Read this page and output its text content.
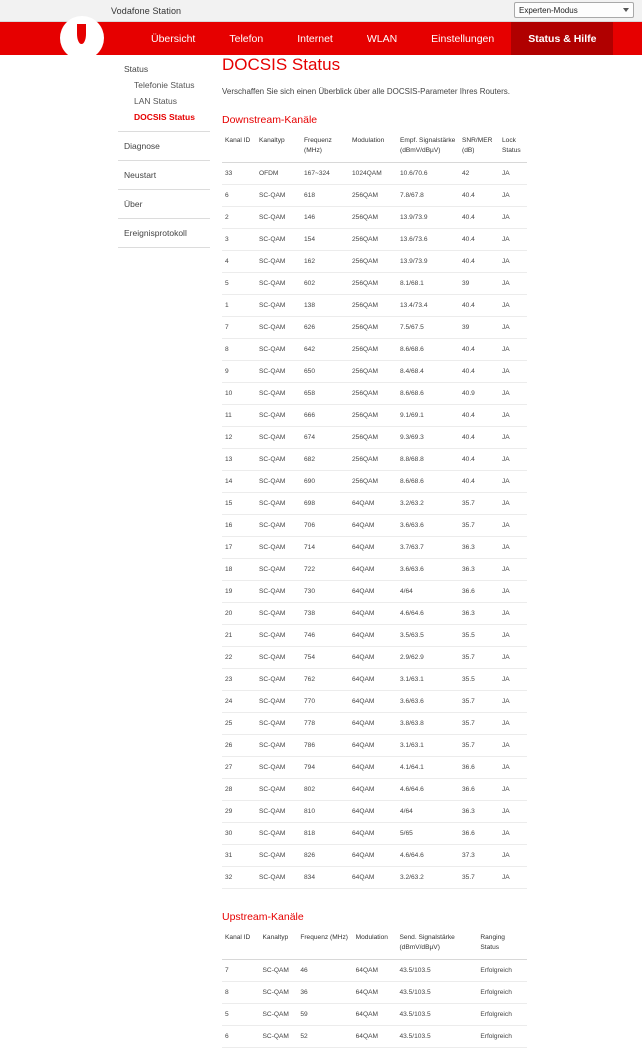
Vodafone Station	Experten-Modus
Übersicht	Telefon	Internet	WLAN	Einstellungen	Status & Hilfe
Status
Telefonie Status
LAN Status
DOCSIS Status
Diagnose
Neustart
Über
Ereignisprotokoll
DOCSIS Status
Verschaffen Sie sich einen Überblick über alle DOCSIS-Parameter Ihres Routers.
Downstream-Kanäle
Kanal ID	Kanaltyp	Frequenz (MHz)	Modulation	Empf. Signalstärke (dBmV/dBµV)	SNR/MER (dB)	Lock Status
33	OFDM	167~324	1024QAM	10.6/70.6	42	JA
6	SC-QAM	618	256QAM	7.8/67.8	40.4	JA
2	SC-QAM	146	256QAM	13.9/73.9	40.4	JA
3	SC-QAM	154	256QAM	13.6/73.6	40.4	JA
4	SC-QAM	162	256QAM	13.9/73.9	40.4	JA
5	SC-QAM	602	256QAM	8.1/68.1	39	JA
1	SC-QAM	138	256QAM	13.4/73.4	40.4	JA
7	SC-QAM	626	256QAM	7.5/67.5	39	JA
8	SC-QAM	642	256QAM	8.6/68.6	40.4	JA
9	SC-QAM	650	256QAM	8.4/68.4	40.4	JA
10	SC-QAM	658	256QAM	8.6/68.6	40.9	JA
11	SC-QAM	666	256QAM	9.1/69.1	40.4	JA
12	SC-QAM	674	256QAM	9.3/69.3	40.4	JA
13	SC-QAM	682	256QAM	8.8/68.8	40.4	JA
14	SC-QAM	690	256QAM	8.6/68.6	40.4	JA
15	SC-QAM	698	64QAM	3.2/63.2	35.7	JA
16	SC-QAM	706	64QAM	3.6/63.6	35.7	JA
17	SC-QAM	714	64QAM	3.7/63.7	36.3	JA
18	SC-QAM	722	64QAM	3.6/63.6	36.3	JA
19	SC-QAM	730	64QAM	4/64	36.6	JA
20	SC-QAM	738	64QAM	4.6/64.6	36.3	JA
21	SC-QAM	746	64QAM	3.5/63.5	35.5	JA
22	SC-QAM	754	64QAM	2.9/62.9	35.7	JA
23	SC-QAM	762	64QAM	3.1/63.1	35.5	JA
24	SC-QAM	770	64QAM	3.6/63.6	35.7	JA
25	SC-QAM	778	64QAM	3.8/63.8	35.7	JA
26	SC-QAM	786	64QAM	3.1/63.1	35.7	JA
27	SC-QAM	794	64QAM	4.1/64.1	36.6	JA
28	SC-QAM	802	64QAM	4.6/64.6	36.6	JA
29	SC-QAM	810	64QAM	4/64	36.3	JA
30	SC-QAM	818	64QAM	5/65	36.6	JA
31	SC-QAM	826	64QAM	4.6/64.6	37.3	JA
32	SC-QAM	834	64QAM	3.2/63.2	35.7	JA
Upstream-Kanäle
Kanal ID	Kanaltyp	Frequenz (MHz)	Modulation	Send. Signalstärke (dBmV/dBµV)	Ranging Status
7	SC-QAM	46	64QAM	43.5/103.5	Erfolgreich
8	SC-QAM	36	64QAM	43.5/103.5	Erfolgreich
5	SC-QAM	59	64QAM	43.5/103.5	Erfolgreich
6	SC-QAM	52	64QAM	43.5/103.5	Erfolgreich
